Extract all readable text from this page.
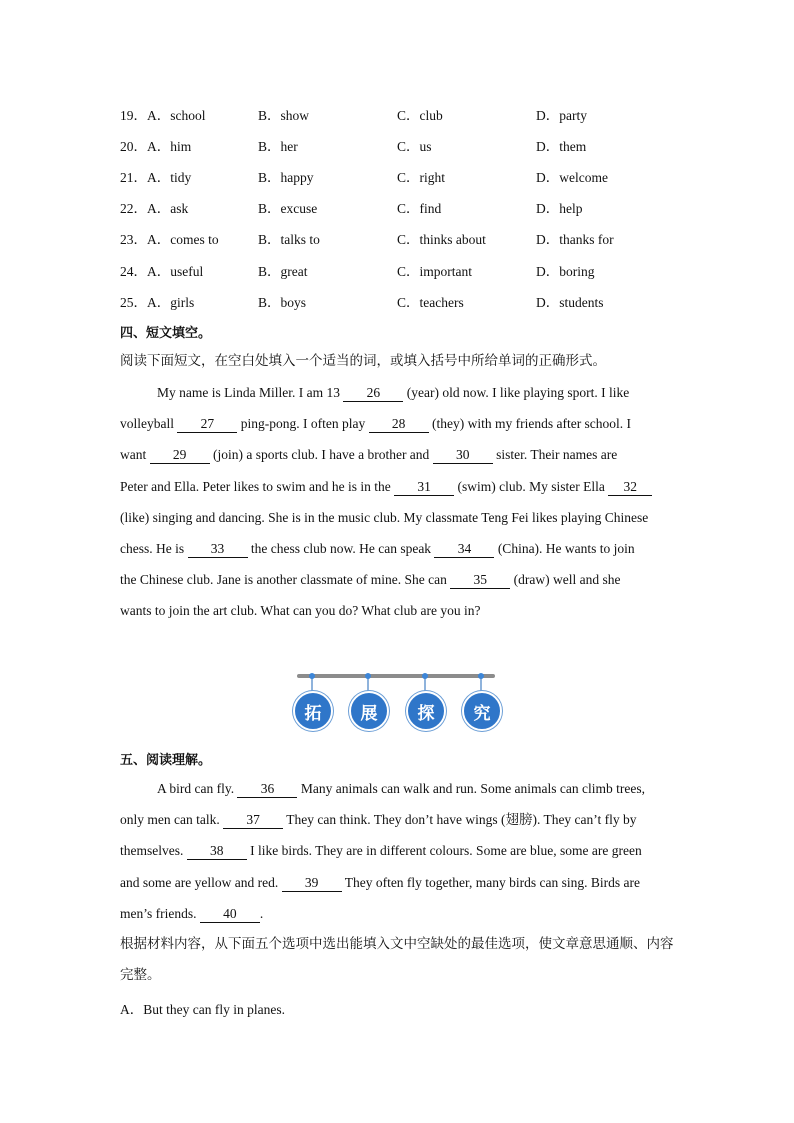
19．A．school	B．show	C．club	D．party
20．A．him	B．her	C．us	D．them
21．A．tidy	B．happy	C．right	D．welcome
22．A．ask	B．excuse	C．find	D．help
23．A．comes to	B．talks to	C．thinks about	D．thanks for
24．A．useful	B．great	C．important	D．boring
25．A．girls	B．boys	C．teachers	D．students
四、短文填空。
阅读下面短文，在空白处填入一个适当的词，或填入括号中所给单词的正确形式。
My name is Linda Miller. I am 13 26 (year) old now. I like playing sport. I like
volleyball 27 ping-pong. I often play 28 (they) with my friends after school. I
want 29 (join) a sports club. I have a brother and 30 sister. Their names are
Peter and Ella. Peter likes to swim and he is in the 31 (swim) club. My sister Ella 32
(like) singing and dancing. She is in the music club. My classmate Teng Fei likes playing Chinese
chess. He is 33 the chess club now. He can speak 34 (China). He wants to join
the Chinese club. Jane is another classmate of mine. She can 35 (draw) well and she
wants to join the art club. What can you do? What club are you in?
拓	展	探	究
五、阅读理解。
A bird can fly. 36 Many animals can walk and run. Some animals can climb trees,
only men can talk. 37 They can think. They don’t have wings (翅膀). They can’t fly by
themselves. 38 I like birds. They are in different colours. Some are blue, some are green
and some are yellow and red. 39 They often fly together, many birds can sing. Birds are
men’s friends. 40 .
根据材料内容，从下面五个选项中选出能填入文中空缺处的最佳选项，使文章意思通顺、内容完整。
A．But they can fly in planes.
